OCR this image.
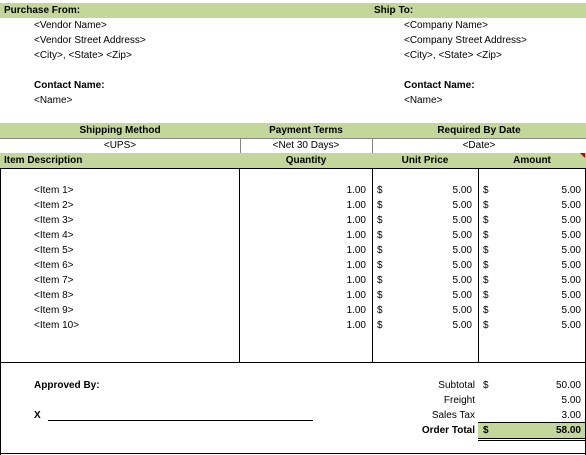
Purchase From:	Ship To:
<Vendor Name>
<Vendor Street Address>
<City>, <State> <Zip>
Contact Name:
<Name>
<Company Name>
<Company Street Address>
<City>, <State> <Zip>
Contact Name:
<Name>
Shipping Method	Payment Terms	Required By Date
<UPS>	<Net 30 Days>	<Date>
Item Description	Quantity	Unit Price	Amount
<Item 1>	1.00 $	5.00 $	5.00
<Item 2>	1.00 $	5.00 $	5.00
<Item 3>	1.00 $	5.00 $	5.00
<Item 4>	1.00 $	5.00 $	5.00
<Item 5>	1.00 $	5.00 $	5.00
<Item 6>	1.00 $	5.00 $	5.00
<Item 7>	1.00 $	5.00 $	5.00
<Item 8>	1.00 $	5.00 $	5.00
<Item 9>	1.00 $	5.00 $	5.00
<Item 10>	1.00 $	5.00 $	5.00
Approved By:
X
Subtotal $	50.00
Freight	5.00
Sales Tax	3.00
Order Total $	58.00
